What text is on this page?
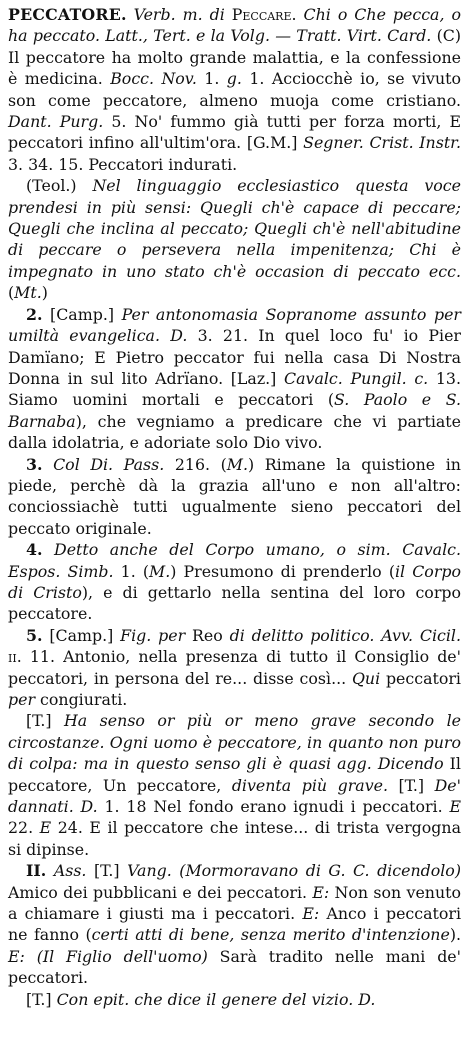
PECCATORE. Verb. m. di Peccare. Chi o Che pecca, o ha peccato. Latt., Tert. e la Volg. — Tratt. Virt. Card. (C) Il peccatore ha molto grande malattia, e la confessione è medicina. Bocc. Nov. 1. g. 1. Acciocchè io, se vivuto son come peccatore, almeno muoja come cristiano. Dant. Purg. 5. No' fummo già tutti per forza morti, E peccatori infino all'ultim'ora. [G.M.] Segner. Crist. Instr. 3. 34. 15. Peccatori indurati.

(Teol.) Nel linguaggio ecclesiastico questa voce prendesi in più sensi: Quegli ch'è capace di peccare; Quegli che inclina al peccato; Quegli ch'è nell'abitudine di peccare o persevera nella impenitenza; Chi è impegnato in uno stato ch'è occasion di peccato ecc. (Mt.)

2. [Camp.] Per antonomasia Sopranome assunto per umiltà evangelica. D. 3. 21. In quel loco fu' io Pier Damïano; E Pietro peccator fui nella casa Di Nostra Donna in sul lito Adrïano. [Laz.] Cavalc. Pungil. c. 13. Siamo uomini mortali e peccatori (S. Paolo e S. Barnaba), che vegniamo a predicare che vi partiate dalla idolatria, e adoriate solo Dio vivo.

3. Col Di. Pass. 216. (M.) Rimane la quistione in piede, perchè dà la grazia all'uno e non all'altro: conciossiachè tutti ugualmente sieno peccatori del peccato originale.

4. Detto anche del Corpo umano, o sim. Cavalc. Espos. Simb. 1. (M.) Presumono di prenderlo (il Corpo di Cristo), e di gettarlo nella sentina del loro corpo peccatore.

5. [Camp.] Fig. per Reo di delitto politico. Avv. Cicil. ii. 11. Antonio, nella presenza di tutto il Consiglio de' peccatori, in persona del re... disse così... Qui peccatori per congiurati.

[T.] Ha senso or più or meno grave secondo le circostanze. Ogni uomo è peccatore, in quanto non puro di colpa: ma in questo senso gli è quasi agg. Dicendo Il peccatore, Un peccatore, diventa più grave. [T.] De' dannati. D. 1. 18 Nel fondo erano ignudi i peccatori. E 22. E 24. E il peccatore che intese... di trista vergogna si dipinse.

II. Ass. [T.] Vang. (Mormoravano di G. C. dicendolo) Amico dei pubblicani e dei peccatori. E: Non son venuto a chiamare i giusti ma i peccatori. E: Anco i peccatori ne fanno (certi atti di bene, senza merito d'intenzione). E: (Il Figlio dell'uomo) Sarà tradito nelle mani de' peccatori.

[T.] Con epit. che dice il genere del vizio. D.
